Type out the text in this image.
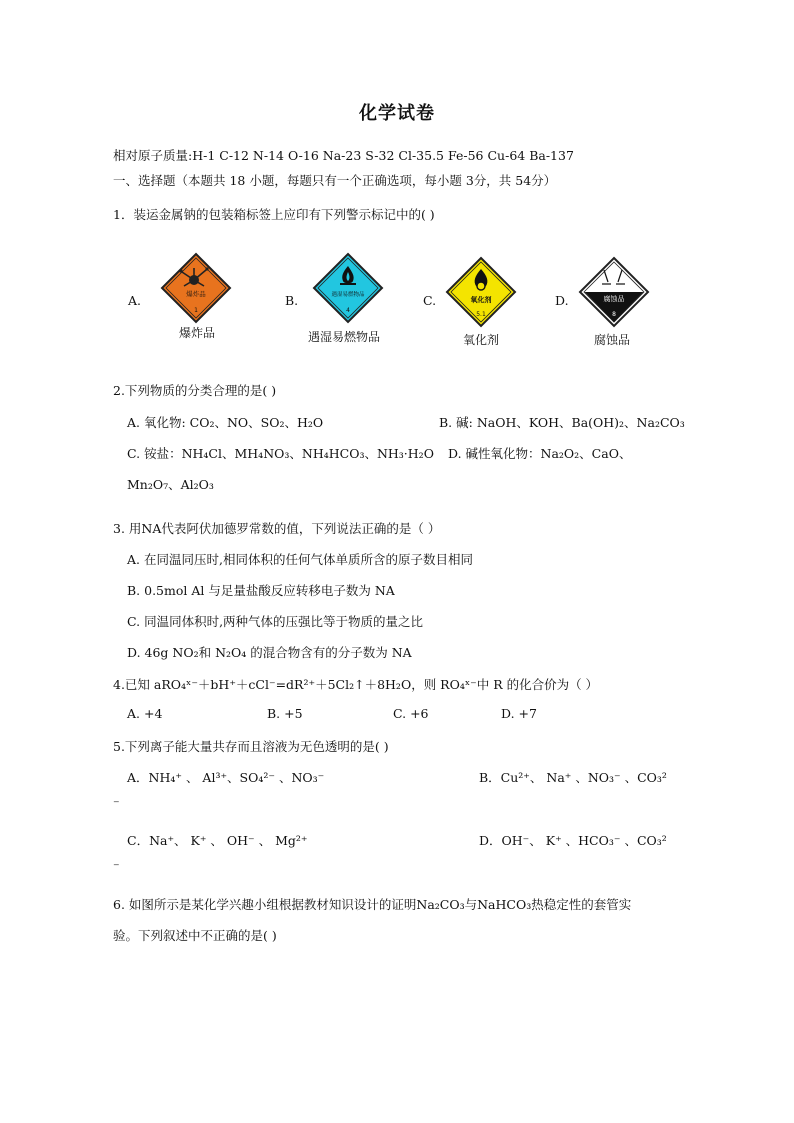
化学试卷
相对原子质量:H-1 C-12 N-14 O-16 Na-23 S-32 Cl-35.5 Fe-56 Cu-64 Ba-137
一、选择题（本题共 18 小题，每题只有一个正确选项，每小题 3分，共 54分）
1．装运金属钠的包装箱标签上应印有下列警示标记中的( )
A.	爆炸品
1
爆炸品
B.	遇湿易燃物品
4
遇湿易燃物品
C.	氧化剂
5.1
氧化剂
D.	腐蚀品
8
腐蚀品
2.下列物质的分类合理的是( )
A. 氧化物: CO₂、NO、SO₂、H₂O	B. 碱: NaOH、KOH、Ba(OH)₂、Na₂CO₃
C. 铵盐：NH₄Cl、MH₄NO₃、NH₄HCO₃、NH₃·H₂O D. 碱性氧化物：Na₂O₂、CaO、
Mn₂O₇、Al₂O₃
3. 用NA代表阿伏加德罗常数的值，下列说法正确的是（ ）
A. 在同温同压时,相同体积的任何气体单质所含的原子数目相同
B. 0.5mol Al 与足量盐酸反应转移电子数为 NA
C. 同温同体积时,两种气体的压强比等于物质的量之比
D. 46g NO₂和 N₂O₄ 的混合物含有的分子数为 NA
4.已知 aRO₄ˣ⁻＋bH⁺＋cCl⁻=dR²⁺＋5Cl₂↑＋8H₂O，则 RO₄ˣ⁻中 R 的化合价为（ ）
A. +4	B. +5	C. +6	D. +7
5.下列离子能大量共存而且溶液为无色透明的是( )
A．NH₄⁺ 、 Al³⁺、SO₄²⁻ 、NO₃⁻	B．Cu²⁺、 Na⁺ 、NO₃⁻ 、CO₃²
⁻
C．Na⁺、 K⁺ 、 OH⁻ 、 Mg²⁺	D．OH⁻、 K⁺ 、HCO₃⁻ 、CO₃²
⁻
6. 如图所示是某化学兴趣小组根据教材知识设计的证明Na₂CO₃与NaHCO₃热稳定性的套管实
验。下列叙述中不正确的是( )
